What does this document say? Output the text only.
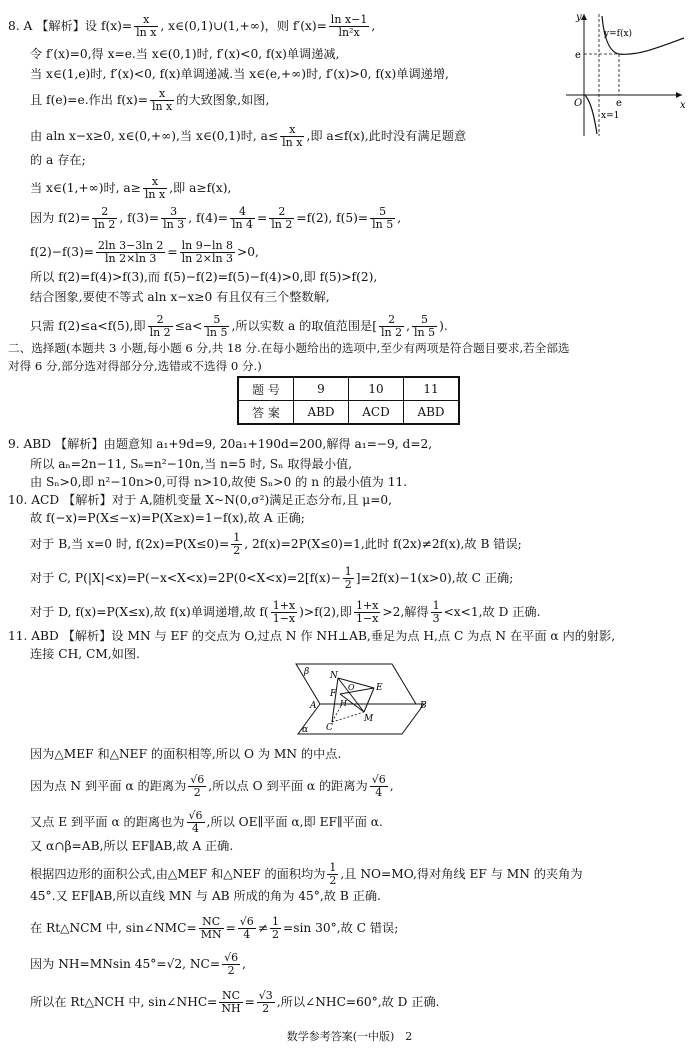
8. A 【解析】设 $f(x)= \frac{x}{\text{ln x}}$ , x∈(0,1)∪(1,+∞)，则 $f'(x)= \frac{\text{ln x−1}}{\text{ln²x}}$ ,
令 f′(x)=0,得 x=e.当 x∈(0,1)时, f′(x)<0, f(x)单调递减,
当 x∈(1,e)时, f′(x)<0, f(x)单调递减.当 x∈(e,+∞)时, f′(x)>0, f(x)单调递增,
且 f(e)=e.作出 $f(x)= \frac{x}{\text{ln x}}$ 的大致图象,如图,
由 aln x−x≥0, x∈(0,+∞),当 x∈(0,1)时, $a\le \frac{x}{\text{ln x}}$ ,即 a≤f(x),此时没有满足题意
的 a 存在;
当 x∈(1,+∞)时, $a\ge \frac{x}{\text{ln x}}$ ,即 a≥f(x),
因为 $f(2)= \frac{2}{\ln 2}$ , $f(3)= \frac{3}{\ln 3}$ , $f(4)= \frac{4}{\ln 4} = \frac{2}{\ln 2} =f(2)$, $f(5)= \frac{5}{\ln 5}$ ,
$f(2)-f(3)= \frac{2\ln 3-3\ln 2}{\ln 2\times\ln 3} = \frac{\ln 9-\ln 8}{\ln 2\times\ln 3} >0$,
所以 f(2)=f(4)>f(3),而 f(5)−f(2)=f(5)−f(4)>0,即 f(5)>f(2),
结合图象,要使不等式 aln x−x≥0 有且仅有三个整数解,
只需 f(2)≤a<f(5),即 $\frac{2}{\ln 2} \le a< \frac{5}{\ln 5}$ ,所以实数 a 的取值范围是[ $\frac{2}{\ln 2}$ , $\frac{5}{\ln 5}$ ).
二、选择题(本题共 3 小题,每小题 6 分,共 18 分.在每小题给出的选项中,至少有两项是符合题目要求,若全部选
对得 6 分,部分选对得部分分,选错或不选得 0 分.)
题 号	9	10	11
答 案	ABD	ACD	ABD
9. ABD 【解析】由题意知 a₁+9d=9, 20a₁+190d=200,解得 a₁=−9, d=2,
所以 aₙ=2n−11, Sₙ=n²−10n,当 n=5 时, Sₙ 取得最小值,
由 Sₙ>0,即 n²−10n>0,可得 n>10,故使 Sₙ>0 的 n 的最小值为 11.
10. ACD 【解析】对于 A,随机变量 X~N(0,σ²)满足正态分布,且 μ=0,
故 f(−x)=P(X≤−x)=P(X≥x)=1−f(x),故 A 正确;
对于 B,当 x=0 时, $f(2x)=P(X\le 0)= \frac{1}{2}$ , 2f(x)=2P(X≤0)=1,此时 f(2x)≠2f(x),故 B 错误;
对于 C, $P(|X|<x)=P(-x<X<x)=2P(0<X<x)=2[f(x)- \frac{1}{2} ]=2f(x)-1(x>0)$,故 C 正确;
对于 D, f(x)=P(X≤x),故 f(x)单调递增,故 $f( \frac{1+x}{1-x} )>f(2)$,即 $\frac{1+x}{1-x} >2$,解得 $\frac{1}{3} <x<1$,故 D 正确.
11. ABD 【解析】设 MN 与 EF 的交点为 O,过点 N 作 NH⊥AB,垂足为点 H,点 C 为点 N 在平面 α 内的射影,
连接 CH, CM,如图.
因为△MEF 和△NEF 的面积相等,所以 O 为 MN 的中点.
因为点 N 到平面 α 的距离为 $\frac{√6}{2}$ ,所以点 O 到平面 α 的距离为 $\frac{√6}{4}$ ,
又点 E 到平面 α 的距离也为 $\frac{√6}{4}$ ,所以 OE∥平面 α,即 EF∥平面 α.
又 α∩β=AB,所以 EF∥AB,故 A 正确.
根据四边形的面积公式,由△MEF 和△NEF 的面积均为 $\frac{1}{2}$ ,且 NO=MO,得对角线 EF 与 MN 的夹角为
45°.又 EF∥AB,所以直线 MN 与 AB 所成的角为 45°,故 B 正确.
在 Rt△NCM 中, sin∠NMC= $\frac{NC}{MN} = \frac{√6}{4} \ne \frac{1}{2} =\sin$ 30°,故 C 错误;
因为 NH=MNsin 45°=√2, $NC= \frac{√6}{2}$ ,
所以在 Rt△NCH 中, sin∠NHC= $\frac{NC}{NH} = \frac{√3}{2}$ ,所以∠NHC=60°,故 D 正确.
y
x
O
e
e
y=f(x)
x=1
β
α
N
O E
F
H
A	B
C
M
数学参考答案(一中版)　2
